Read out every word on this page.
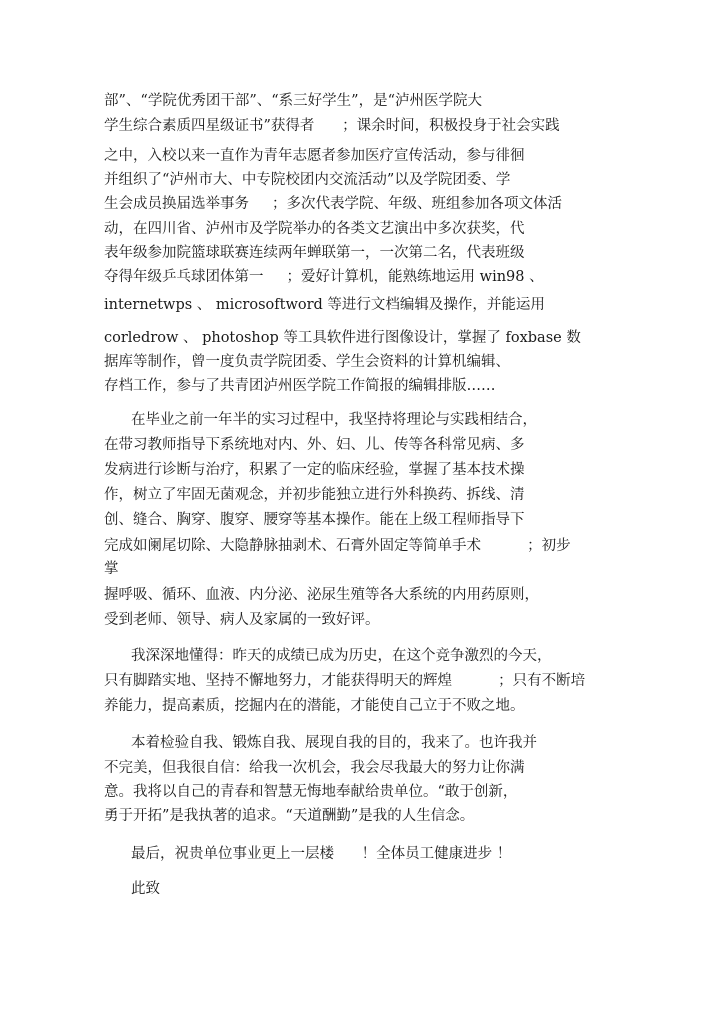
部”、“学院优秀团干部”、“系三好学生”，是“泸州医学院大
学生综合素质四星级证书”获得者      ；课余时间，积极投身于社会实践
之中，入校以来一直作为青年志愿者参加医疗宣传活动，参与徘徊
并组织了“泸州市大、中专院校团内交流活动”以及学院团委、学
生会成员换届选举事务     ；多次代表学院、年级、班组参加各项文体活
动，在四川省、泸州市及学院举办的各类文艺演出中多次获奖，代
表年级参加院篮球联赛连续两年蝉联第一，一次第二名，代表班级
夺得年级乒乓球团体第一     ；爱好计算机，能熟练地运用 win98 、
internetwps 、 microsoftword 等进行文档编辑及操作，并能运用
corledrow 、 photoshop 等工具软件进行图像设计，掌握了 foxbase 数
据库等制作，曾一度负责学院团委、学生会资料的计算机编辑、
存档工作，参与了共青团泸州医学院工作简报的编辑排版……
在毕业之前一年半的实习过程中，我坚持将理论与实践相结合，
在带习教师指导下系统地对内、外、妇、儿、传等各科常见病、多
发病进行诊断与治疗，积累了一定的临床经验，掌握了基本技术操
作，树立了牢固无菌观念，并初步能独立进行外科换药、拆线、清
创、缝合、胸穿、腹穿、腰穿等基本操作。能在上级工程师指导下
完成如阑尾切除、大隐静脉抽剥术、石膏外固定等简单手术          ；初步
掌
握呼吸、循环、血液、内分泌、泌尿生殖等各大系统的内用药原则，
受到老师、领导、病人及家属的一致好评。
我深深地懂得：昨天的成绩已成为历史，在这个竞争激烈的今天，
只有脚踏实地、坚持不懈地努力，才能获得明天的辉煌          ；只有不断培
养能力，提高素质，挖掘内在的潜能，才能使自己立于不败之地。
本着检验自我、锻炼自我、展现自我的目的，我来了。也许我并
不完美，但我很自信：给我一次机会，我会尽我最大的努力让你满
意。我将以自己的青春和智慧无悔地奉献给贵单位。“敢于创新，
勇于开拓”是我执著的追求。“天道酬勤”是我的人生信念。
最后，祝贵单位事业更上一层楼      ！全体员工健康进步 ！
此致
